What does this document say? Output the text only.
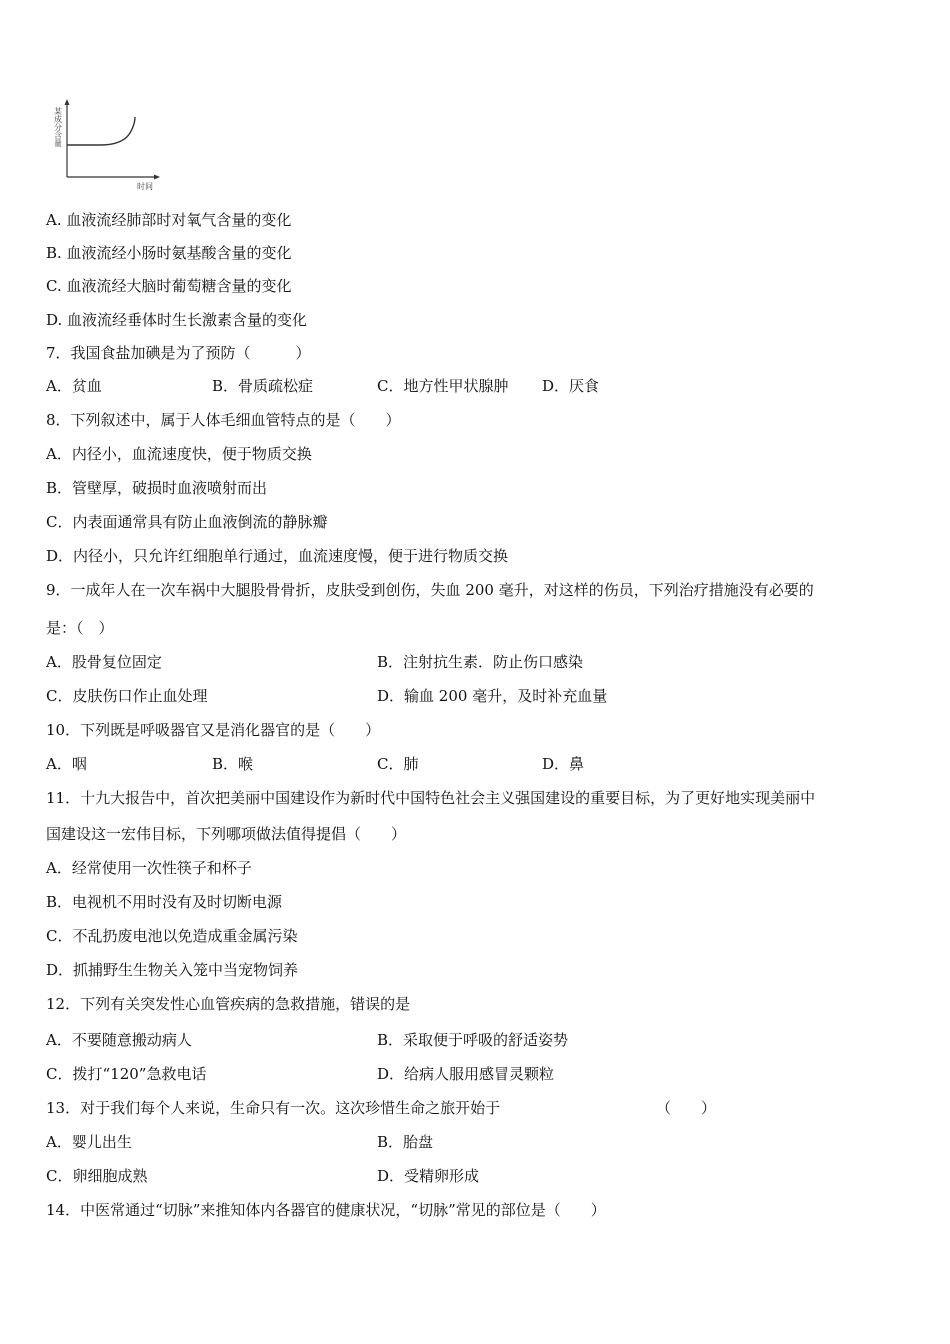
某成分含量
时间
A. 血液流经肺部时对氧气含量的变化
B. 血液流经小肠时氨基酸含量的变化
C. 血液流经大脑时葡萄糖含量的变化
D. 血液流经垂体时生长激素含量的变化
7．我国食盐加碘是为了预防（　　　）
A．贫血	B．骨质疏松症	C．地方性甲状腺肿 D．厌食
8．下列叙述中，属于人体毛细血管特点的是（　　）
A．内径小，血流速度快，便于物质交换
B．管壁厚，破损时血液喷射而出
C．内表面通常具有防止血液倒流的静脉瓣
D．内径小，只允许红细胞单行通过，血流速度慢，便于进行物质交换
9．一成年人在一次车祸中大腿股骨骨折，皮肤受到创伤，失血 200 毫升，对这样的伤员，下列治疗措施没有必要的
是：（　）
A．股骨复位固定	B．注射抗生素．防止伤口感染
C．皮肤伤口作止血处理	D．输血 200 毫升，及时补充血量
10．下列既是呼吸器官又是消化器官的是（　　）
A．咽	B．喉	C．肺	D．鼻
11．十九大报告中，首次把美丽中国建设作为新时代中国特色社会主义强国建设的重要目标，为了更好地实现美丽中
国建设这一宏伟目标，下列哪项做法值得提倡（　　）
A．经常使用一次性筷子和杯子
B．电视机不用时没有及时切断电源
C．不乱扔废电池以免造成重金属污染
D．抓捕野生生物关入笼中当宠物饲养
12．下列有关突发性心血管疾病的急救措施，错误的是
A．不要随意搬动病人	B．采取便于呼吸的舒适姿势
C．拨打“120”急救电话	D．给病人服用感冒灵颗粒
13．对于我们每个人来说，生命只有一次。这次珍惜生命之旅开始于	（　　）
A．婴儿出生	B．胎盘
C．卵细胞成熟	D．受精卵形成
14．中医常通过“切脉”来推知体内各器官的健康状况，“切脉”常见的部位是（　　）
